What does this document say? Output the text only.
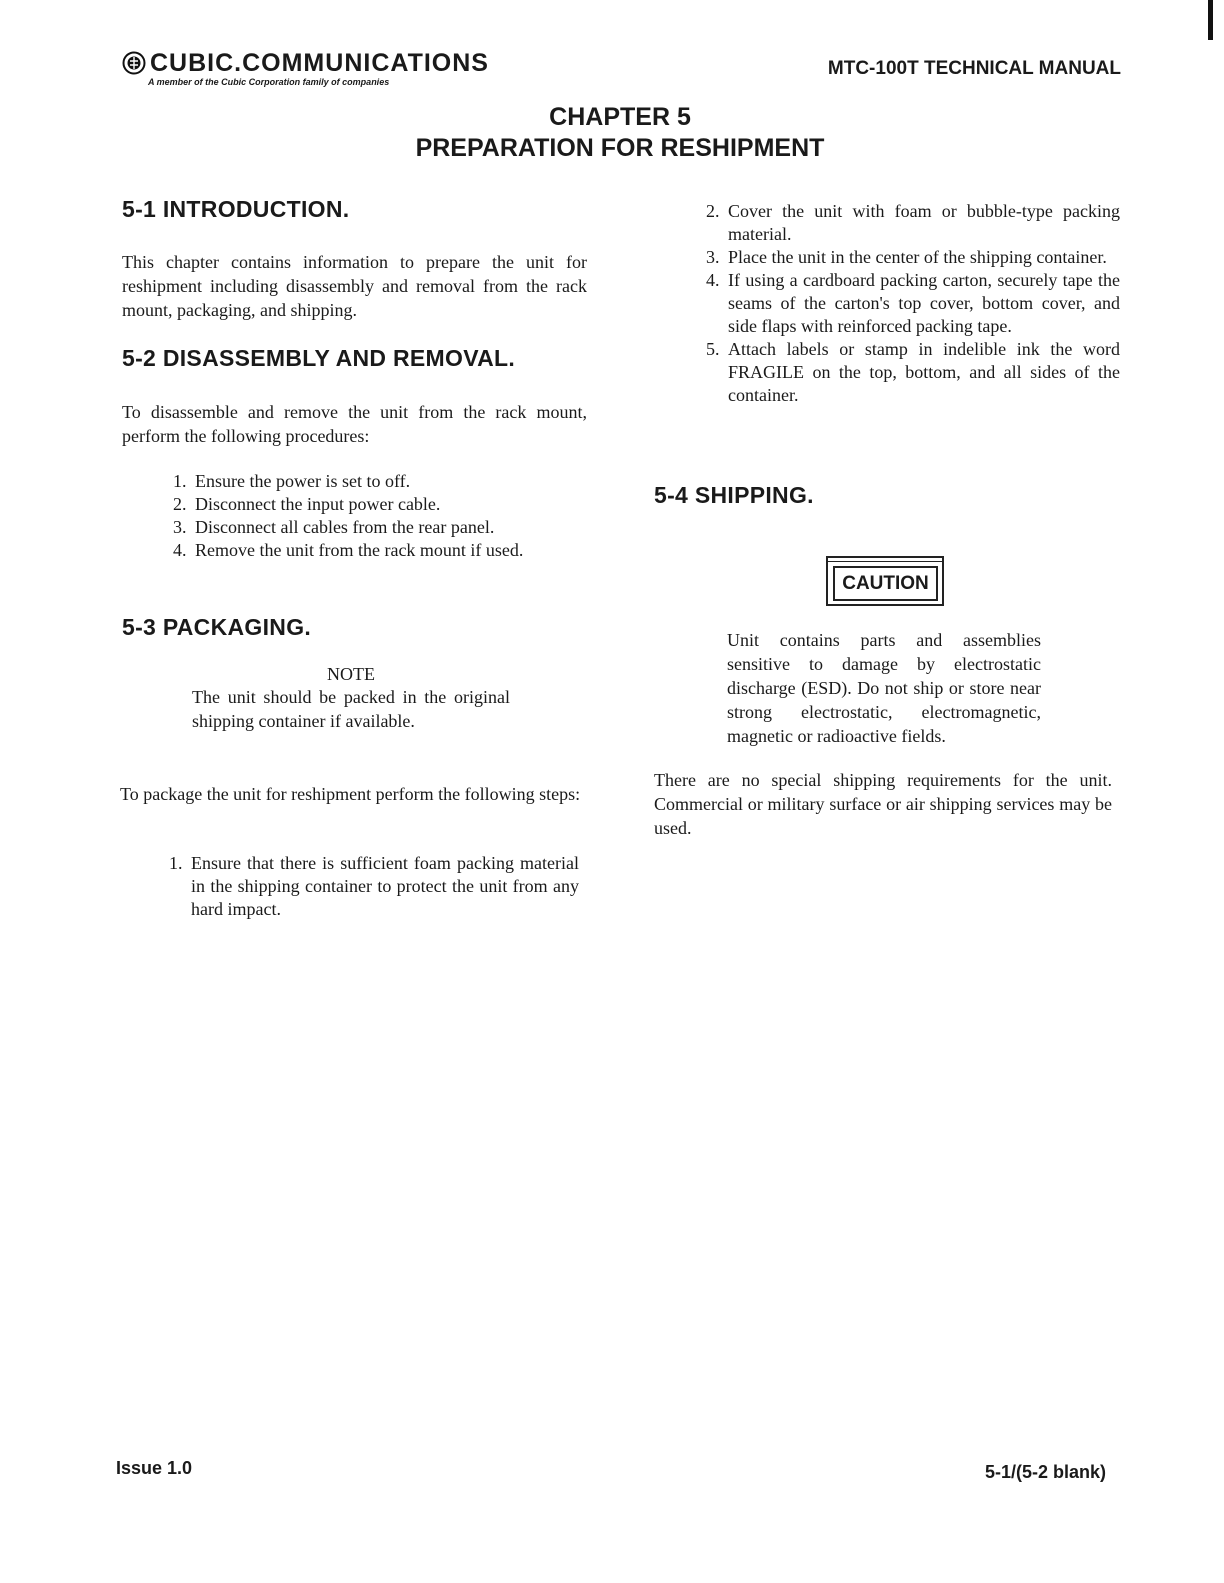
CUBIC.COMMUNICATIONS
A member of the Cubic Corporation family of companies
MTC-100T TECHNICAL MANUAL
CHAPTER 5
PREPARATION FOR RESHIPMENT
5-1 INTRODUCTION.
This chapter contains information to prepare the unit for reshipment including disassembly and removal from the rack mount, packaging, and shipping.
5-2 DISASSEMBLY AND REMOVAL.
To disassemble and remove the unit from the rack mount, perform the following procedures:
1. Ensure the power is set to off.
2. Disconnect the input power cable.
3. Disconnect all cables from the rear panel.
4. Remove the unit from the rack mount if used.
5-3 PACKAGING.
NOTE
The unit should be packed in the original shipping container if available.
To package the unit for reshipment perform the following steps:
1. Ensure that there is sufficient foam packing material in the shipping container to protect the unit from any hard impact.
2. Cover the unit with foam or bubble-type packing material.
3. Place the unit in the center of the shipping container.
4. If using a cardboard packing carton, securely tape the seams of the carton's top cover, bottom cover, and side flaps with reinforced packing tape.
5. Attach labels or stamp in indelible ink the word FRAGILE on the top, bottom, and all sides of the container.
5-4 SHIPPING.
CAUTION
Unit contains parts and assemblies sensitive to damage by electrostatic discharge (ESD). Do not ship or store near strong electrostatic, electromagnetic, magnetic or radioactive fields.
There are no special shipping requirements for the unit. Commercial or military surface or air shipping services may be used.
Issue 1.0	5-1/(5-2 blank)
